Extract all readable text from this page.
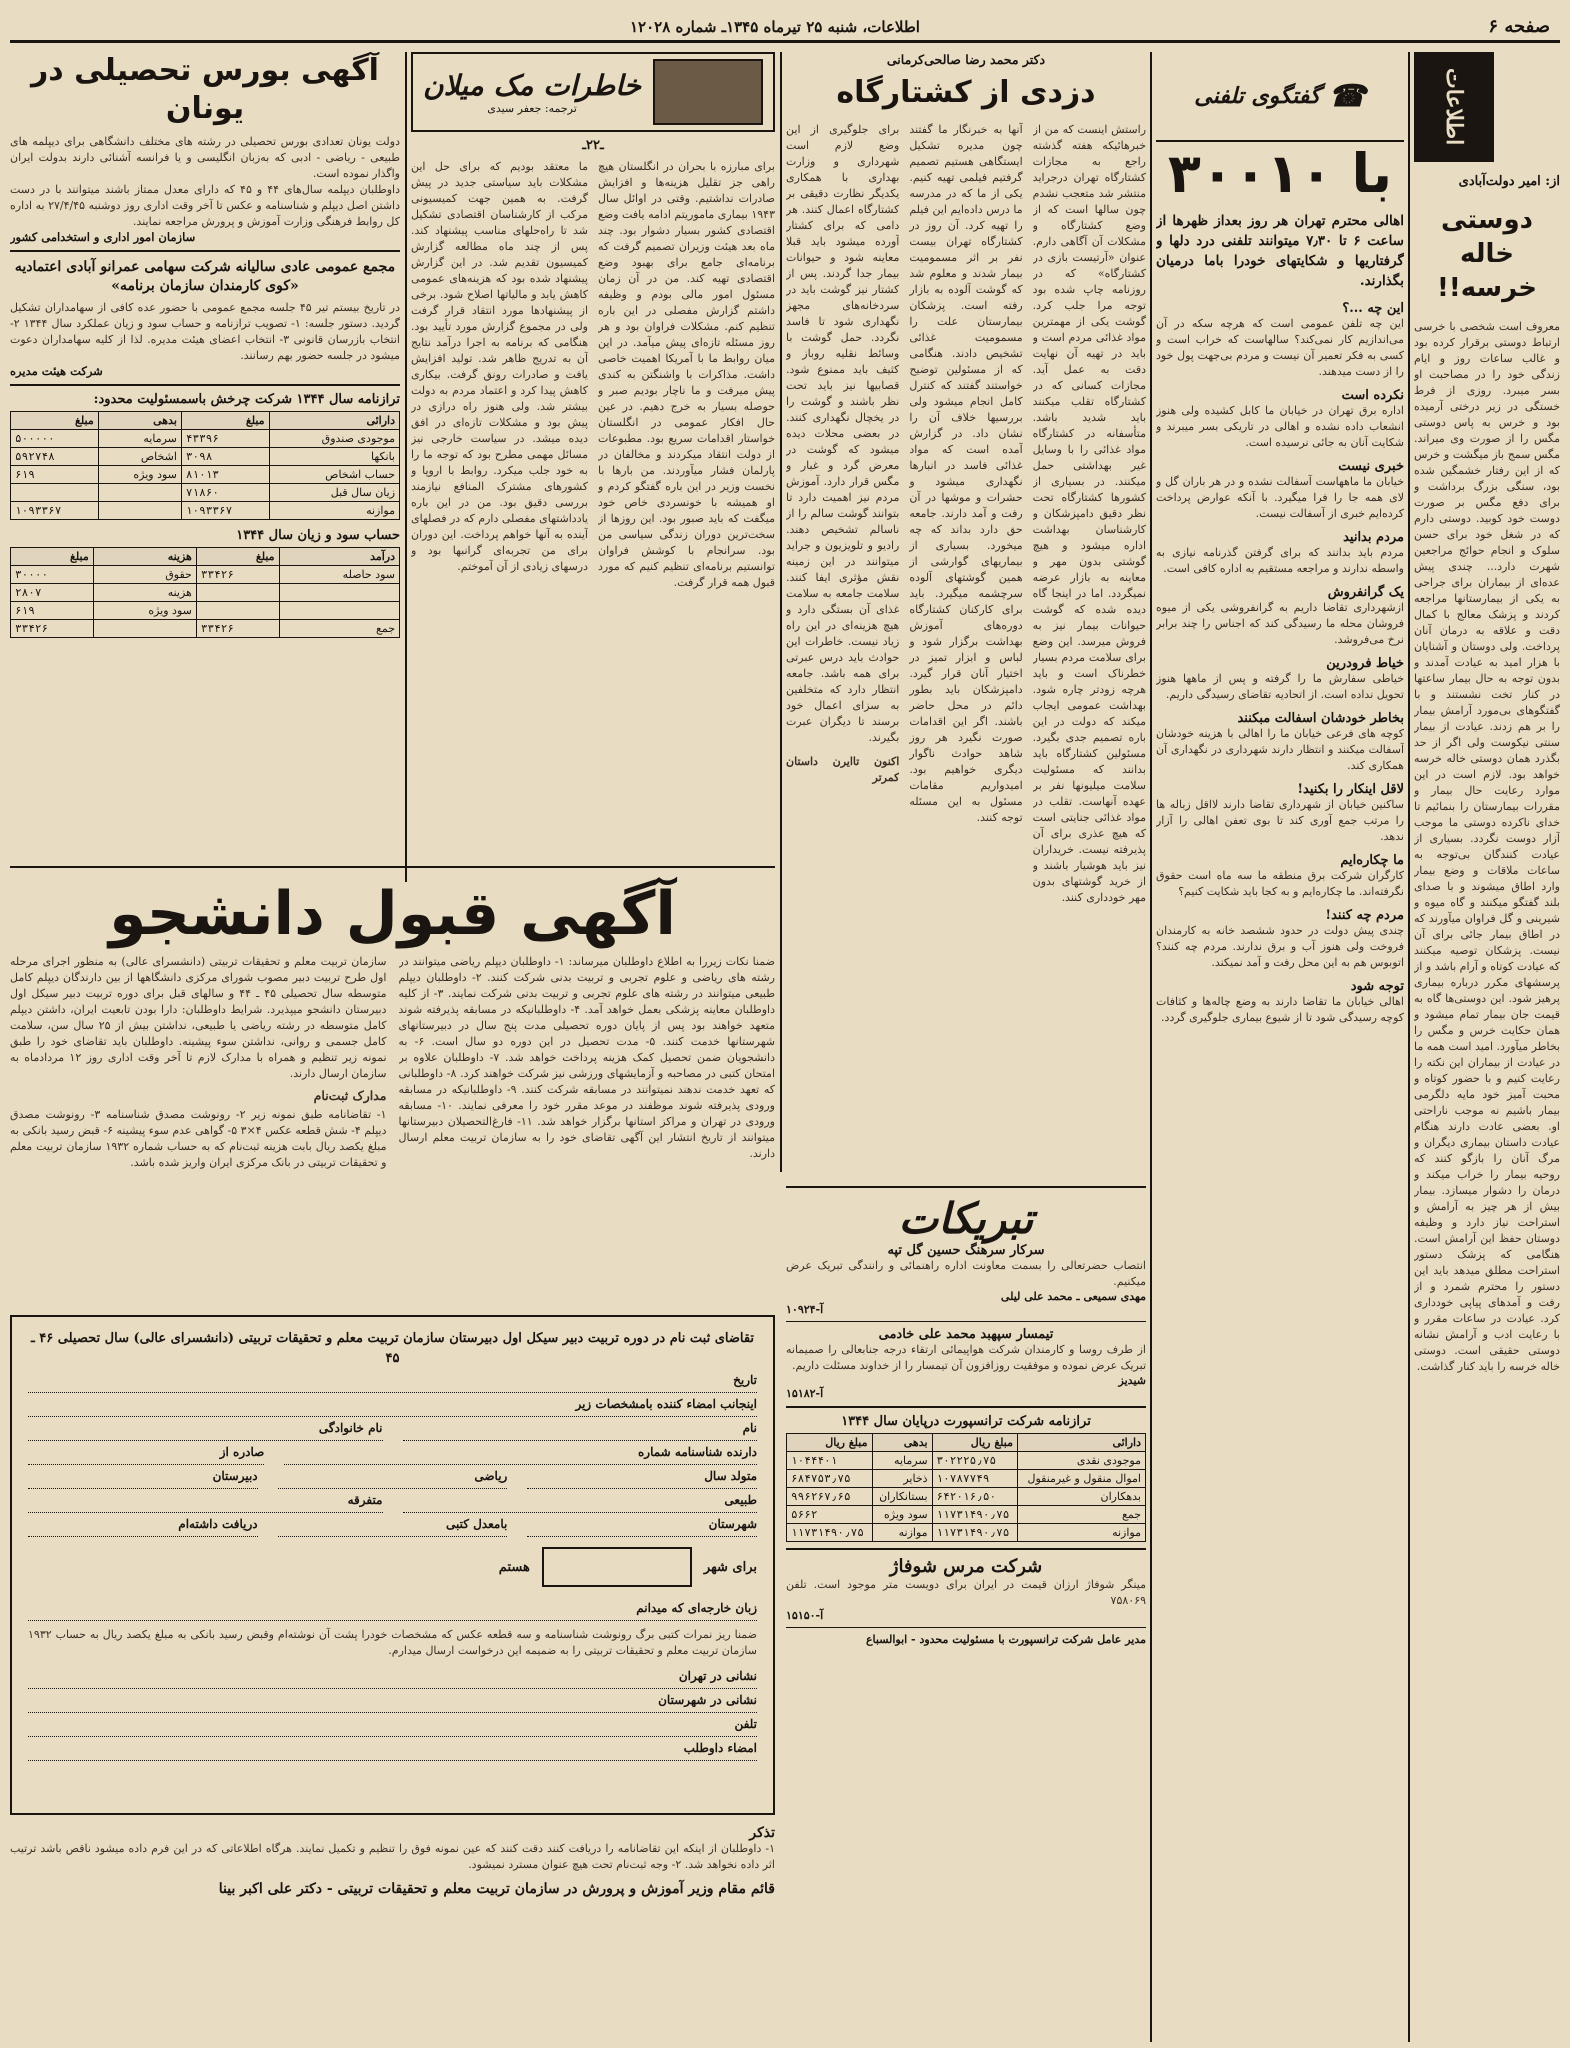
صفحه ۶
اطلاعات، شنبه ۲۵ تیرماه ۱۳۴۵ـ شماره ۱۲۰۲۸
اطلاعات
از: امیر دولت‌آبادی
دوستی خاله خرسه!!
معروف است شخصی با خرسی ارتباط دوستی برقرار کرده بود و غالب ساعات روز و ایام زندگی خود را در مصاحبت او بسر میبرد. روزی از فرط خستگی در زیر درختی آرمیده بود و خرس به پاس دوستی مگس را از صورت وی میراند. مگس سمج باز میگشت و خرس که از این رفتار خشمگین شده بود، سنگی بزرگ برداشت و برای دفع مگس بر صورت دوست خود کوبید. دوستی دارم که در شغل خود برای حسن سلوک و انجام حوائج مراجعین شهرت دارد... چندی پیش عده‌ای از بیماران برای جراحی به یکی از بیمارستانها مراجعه کردند و پزشک معالج با کمال دقت و علاقه به درمان آنان پرداخت. ولی دوستان و آشنایان با هزار امید به عیادت آمدند و بدون توجه به حال بیمار ساعتها در کنار تخت نشستند و با گفتگوهای بی‌مورد آرامش بیمار را بر هم زدند. عیادت از بیمار سنتی نیکوست ولی اگر از حد بگذرد همان دوستی خاله خرسه خواهد بود. لازم است در این موارد رعایت حال بیمار و مقررات بیمارستان را بنمائیم تا خدای ناکرده دوستی ما موجب آزار دوست نگردد. بسیاری از عیادت کنندگان بی‌توجه به ساعات ملاقات و وضع بیمار وارد اطاق میشوند و با صدای بلند گفتگو میکنند و گاه میوه و شیرینی و گل فراوان میآورند که در اطاق بیمار جائی برای آن نیست. پزشکان توصیه میکنند که عیادت کوتاه و آرام باشد و از پرسشهای مکرر درباره بیماری پرهیز شود. این دوستی‌ها گاه به قیمت جان بیمار تمام میشود و همان حکایت خرس و مگس را بخاطر میآورد. امید است همه ما در عیادت از بیماران این نکته را رعایت کنیم و با حضور کوتاه و محبت آمیز خود مایه دلگرمی بیمار باشیم نه موجب ناراحتی او. بعضی عادت دارند هنگام عیادت داستان بیماری دیگران و مرگ آنان را بازگو کنند که روحیه بیمار را خراب میکند و درمان را دشوار میسازد. بیمار بیش از هر چیز به آرامش و استراحت نیاز دارد و وظیفه دوستان حفظ این آرامش است. هنگامی که پزشک دستور استراحت مطلق میدهد باید این دستور را محترم شمرد و از رفت و آمدهای پیاپی خودداری کرد. عیادت در ساعات مقرر و با رعایت ادب و آرامش نشانه دوستی حقیقی است. دوستی خاله خرسه را باید کنار گذاشت.
☎
گفتگوی تلفنی
با ۳۰۰۱۰
اهالی محترم تهران هر روز بعداز ظهرها از ساعت ۶ تا ۷٫۳۰ میتوانند تلفنی درد دلها و گرفتاریها و شکایتهای خودرا باما درمیان بگذارند.
این چه ...؟
این چه تلفن عمومی است که هرچه سکه در آن می‌اندازیم کار نمی‌کند؟ سالهاست که خراب است و کسی به فکر تعمیر آن نیست و مردم بی‌جهت پول خود را از دست میدهند.
نکرده است
اداره برق تهران در خیابان ما کابل کشیده ولی هنوز انشعاب داده نشده و اهالی در تاریکی بسر میبرند و شکایت آنان به جائی نرسیده است.
خبری نیست
خیابان ما ماههاست آسفالت نشده و در هر باران گل و لای همه جا را فرا میگیرد. با آنکه عوارض پرداخت کرده‌ایم خبری از آسفالت نیست.
مردم بدانید
مردم باید بدانند که برای گرفتن گذرنامه نیازی به واسطه ندارند و مراجعه مستقیم به اداره کافی است.
یک گرانفروش
ازشهرداری تقاضا داریم به گرانفروشی یکی از میوه فروشان محله ما رسیدگی کند که اجناس را چند برابر نرخ می‌فروشد.
خیاط فرودرین
خیاطی سفارش ما را گرفته و پس از ماهها هنوز تحویل نداده است. از اتحادیه تقاضای رسیدگی داریم.
بخاطر خودشان اسفالت مبکنند
کوچه های فرعی خیابان ما را اهالی با هزینه خودشان آسفالت میکنند و انتظار دارند شهرداری در نگهداری آن همکاری کند.
لاقل اینکار را بکنید!
ساکنین خیابان از شهرداری تقاضا دارند لااقل زباله ها را مرتب جمع آوری کند تا بوی تعفن اهالی را آزار ندهد.
ما چکاره‌ایم
کارگران شرکت برق منطقه ما سه ماه است حقوق نگرفته‌اند. ما چکاره‌ایم و به کجا باید شکایت کنیم؟
مردم چه کنند!
چندی پیش دولت در حدود ششصد خانه به کارمندان فروخت ولی هنوز آب و برق ندارند. مردم چه کنند؟ اتوبوس هم به این محل رفت و آمد نمیکند.
توجه شود
اهالی خیابان ما تقاضا دارند به وضع چاله‌ها و کثافات کوچه رسیدگی شود تا از شیوع بیماری جلوگیری گردد.
دکتر محمد رضا صالحی‌کرمانی
دزدی از کشتارگاه
راستش اینست که من از خبرهائیکه هفته گذشته راجع به مجازات کشتارگاه تهران درجراید منتشر شد متعجب نشدم چون سالها است که از وضع کشتارگاه و مشکلات آن آگاهی دارم. عنوان «آرتیست بازی در کشتارگاه» که در روزنامه چاپ شده بود توجه مرا جلب کرد. گوشت یکی از مهمترین مواد غذائی مردم است و باید در تهیه آن نهایت دقت به عمل آید. مجازات کسانی که در کشتارگاه تقلب میکنند باید شدید باشد. متأسفانه در کشتارگاه مواد غذائی را با وسایل غیر بهداشتی حمل میکنند. در بسیاری از کشورها کشتارگاه تحت نظر دقیق دامپزشکان و کارشناسان بهداشت اداره میشود و هیچ گوشتی بدون مهر و معاینه به بازار عرضه نمیگردد. اما در اینجا گاه دیده شده که گوشت حیوانات بیمار نیز به فروش میرسد. این وضع برای سلامت مردم بسیار خطرناک است و باید هرچه زودتر چاره شود. بهداشت عمومی ایجاب میکند که دولت در این باره تصمیم جدی بگیرد. مسئولین کشتارگاه باید بدانند که مسئولیت سلامت میلیونها نفر بر عهده آنهاست. تقلب در مواد غذائی جنایتی است که هیچ عذری برای آن پذیرفته نیست. خریداران نیز باید هوشیار باشند و از خرید گوشتهای بدون مهر خودداری کنند.
آنها به خبرنگار ما گفتند چون مدیره تشکیل ایستگاهی هستیم تصمیم گرفتیم فیلمی تهیه کنیم. یکی از ما که در مدرسه ما درس داده‌ایم این فیلم را تهیه کرد. آن روز در کشتارگاه تهران بیست نفر بر اثر مسمومیت بیمار شدند و معلوم شد که گوشت آلوده به بازار رفته است. پزشکان بیمارستان علت را مسمومیت غذائی تشخیص دادند. هنگامی که از مسئولین توضیح خواستند گفتند که کنترل کامل انجام میشود ولی بررسیها خلاف آن را نشان داد. در گزارش آمده است که مواد غذائی فاسد در انبارها نگهداری میشود و حشرات و موشها در آن رفت و آمد دارند. جامعه حق دارد بداند که چه میخورد. بسیاری از بیماریهای گوارشی از همین گوشتهای آلوده سرچشمه میگیرد. باید برای کارکنان کشتارگاه دوره‌های آموزش بهداشت برگزار شود و لباس و ابزار تمیز در اختیار آنان قرار گیرد. دامپزشکان باید بطور دائم در محل حاضر باشند. اگر این اقدامات صورت نگیرد هر روز شاهد حوادث ناگوار دیگری خواهیم بود. امیدواریم مقامات مسئول به این مسئله توجه کنند.
برای جلوگیری از این وضع لازم است شهرداری و وزارت بهداری با همکاری یکدیگر نظارت دقیقی بر کشتارگاه اعمال کنند. هر دامی که برای کشتار آورده میشود باید قبلا معاینه شود و حیوانات بیمار جدا گردند. پس از کشتار نیز گوشت باید در سردخانه‌های مجهز نگهداری شود تا فاسد نگردد. حمل گوشت با وسائط نقلیه روباز و کثیف باید ممنوع شود. قصابیها نیز باید تحت نظر باشند و گوشت را در یخچال نگهداری کنند. در بعضی محلات دیده میشود که گوشت در معرض گرد و غبار و مگس قرار دارد. آموزش مردم نیز اهمیت دارد تا بتوانند گوشت سالم را از ناسالم تشخیص دهند. رادیو و تلویزیون و جراید میتوانند در این زمینه نقش مؤثری ایفا کنند. سلامت جامعه به سلامت غذای آن بستگی دارد و هیچ هزینه‌ای در این راه زیاد نیست. خاطرات این حوادث باید درس عبرتی برای همه باشد. جامعه انتظار دارد که متخلفین به سزای اعمال خود برسند تا دیگران عبرت بگیرند.
اکنون تاایرن داستان کمرتر
تبریکات
سرکار سرهنگ حسین گل تپه
انتصاب حضرتعالی را بسمت معاونت اداره راهنمائی و رانندگی تبریک عرض میکنیم.
مهدی سمیعی ـ محمد علی لیلی
آ-۱۰۹۲۴
تیمسار سپهبد محمد علی خادمی
از طرف روسا و کارمندان شرکت هواپیمائی ارتقاء درجه جنابعالی را صمیمانه تبریک عرض نموده و موفقیت روزافزون آن تیمسار را از خداوند مسئلت داریم.
شیدیز
آ-۱۵۱۸۲
ترازنامه شرکت ترانسپورت درپایان سال ۱۳۴۴
دارائی	مبلغ ریال	بدهی	مبلغ ریال
موجودی نقدی	۳۰۲۲۲۵٫۷۵	سرمایه	۱۰۴۴۴۰۱
اموال منقول و غیرمنقول	۱۰۷۸۷۷۴۹	ذخایر	۶۸۴۷۵۳٫۷۵
بدهکاران	۶۴۲۰۱۶٫۵۰	بستانکاران	۹۹۶۲۶۷٫۶۵
جمع	۱۱۷۳۱۴۹۰٫۷۵	سود ویژه	۵۶۶۲
موازنه	۱۱۷۳۱۴۹۰٫۷۵	موازنه	۱۱۷۳۱۴۹۰٫۷۵
شرکت مرس شوفاژ
مینگر شوفاژ ارزان قیمت در ایران برای دویست متر موجود است. تلفن ۷۵۸۰۶۹
آ-۱۵۱۵۰
مدیر عامل شرکت ترانسپورت با مسئولیت محدود - ابوالسباع
خاطرات مک میلان
ترجمه: جعفر سیدی
ـ۲۲ـ
برای مبارزه با بحران در انگلستان هیچ راهی جز تقلیل هزینه‌ها و افزایش صادرات نداشتیم. وقتی در اوائل سال ۱۹۴۳ بیماری ماموریتم ادامه یافت وضع اقتصادی کشور بسیار دشوار بود. چند ماه بعد هیئت وزیران تصمیم گرفت که برنامه‌ای جامع برای بهبود وضع اقتصادی تهیه کند. من در آن زمان مسئول امور مالی بودم و وظیفه داشتم گزارش مفصلی در این باره تنظیم کنم. مشکلات فراوان بود و هر روز مسئله تازه‌ای پیش میآمد. در این میان روابط ما با آمریکا اهمیت خاصی داشت. مذاکرات با واشنگتن به کندی پیش میرفت و ما ناچار بودیم صبر و حوصله بسیار به خرج دهیم. در عین حال افکار عمومی در انگلستان خواستار اقدامات سریع بود. مطبوعات از دولت انتقاد میکردند و مخالفان در پارلمان فشار میآوردند. من بارها با نخست وزیر در این باره گفتگو کردم و او همیشه با خونسردی خاص خود میگفت که باید صبور بود. این روزها از سخت‌ترین دوران زندگی سیاسی من بود. سرانجام با کوشش فراوان توانستیم برنامه‌ای تنظیم کنیم که مورد قبول همه قرار گرفت.
ما معتقد بودیم که برای حل این مشکلات باید سیاستی جدید در پیش گرفت. به همین جهت کمیسیونی مرکب از کارشناسان اقتصادی تشکیل شد تا راه‌حلهای مناسب پیشنهاد کند. پس از چند ماه مطالعه گزارش کمیسیون تقدیم شد. در این گزارش پیشنهاد شده بود که هزینه‌های عمومی کاهش یابد و مالیاتها اصلاح شود. برخی از پیشنهادها مورد انتقاد قرار گرفت ولی در مجموع گزارش مورد تأیید بود. هنگامی که برنامه به اجرا درآمد نتایج آن به تدریج ظاهر شد. تولید افزایش یافت و صادرات رونق گرفت. بیکاری کاهش پیدا کرد و اعتماد مردم به دولت بیشتر شد. ولی هنوز راه درازی در پیش بود و مشکلات تازه‌ای در افق دیده میشد. در سیاست خارجی نیز مسائل مهمی مطرح بود که توجه ما را به خود جلب میکرد. روابط با اروپا و کشورهای مشترک المنافع نیازمند بررسی دقیق بود. من در این باره یادداشتهای مفصلی دارم که در فصلهای آینده به آنها خواهم پرداخت. این دوران برای من تجربه‌ای گرانبها بود و درسهای زیادی از آن آموختم.
آگهی بورس تحصیلی در یونان
دولت یونان تعدادی بورس تحصیلی در رشته های مختلف دانشگاهی برای دیپلمه های طبیعی - ریاضی - ادبی که به‌زبان انگلیسی و یا فرانسه آشنائی دارند بدولت ایران واگذار نموده است.
داوطلبان دیپلمه سال‌های ۴۴ و ۴۵ که دارای معدل ممتاز باشند میتوانند با در دست داشتن اصل دیپلم و شناسنامه و عکس تا آخر وقت اداری روز دوشنبه ۲۷/۴/۴۵ به اداره کل روابط فرهنگی وزارت آموزش و پرورش مراجعه نمایند.
سازمان امور اداری و استخدامی کشور
مجمع عمومی عادی سالیانه شرکت سهامی عمرانو آبادی اعتمادیه «کوی کارمندان سازمان برنامه»
در تاریخ بیستم تیر ۴۵ جلسه مجمع عمومی با حضور عده کافی از سهامداران تشکیل گردید. دستور جلسه: ۱- تصویب ترازنامه و حساب سود و زیان عملکرد سال ۱۳۴۴ ۲- انتخاب بازرسان قانونی ۳- انتخاب اعضای هیئت مدیره. لذا از کلیه سهامداران دعوت میشود در جلسه حضور بهم رسانند.
شرکت هیئت مدیره
ترازنامه سال ۱۳۴۴ شرکت چرخش باسمسئولیت محدود:
دارائی	مبلغ	بدهی	مبلغ
موجودی صندوق	۴۳۳۹۶	سرمایه	۵۰۰۰۰۰
بانکها	۳۰۹۸	اشخاص	۵۹۲۷۴۸
حساب اشخاص	۸۱۰۱۳	سود ویژه	۶۱۹
زیان سال قبل	۷۱۸۶۰		
موازنه	۱۰۹۳۳۶۷		۱۰۹۳۳۶۷
حساب سود و زیان سال ۱۳۴۴
درآمد	مبلغ	هزینه	مبلغ
سود حاصله	۳۳۴۲۶	حقوق	۳۰۰۰۰
		هزینه	۲۸۰۷
		سود ویژه	۶۱۹
جمع	۳۳۴۲۶		۳۳۴۲۶
آگهی قبول دانشجو
ضمنا نکات زیررا به اطلاع داوطلبان میرساند: ۱- داوطلبان دیپلم ریاضی میتوانند در رشته های ریاضی و علوم تجربی و تربیت بدنی شرکت کنند. ۲- داوطلبان دیپلم طبیعی میتوانند در رشته های علوم تجربی و تربیت بدنی شرکت نمایند. ۳- از کلیه داوطلبان معاینه پزشکی بعمل خواهد آمد. ۴- داوطلبانیکه در مسابقه پذیرفته شوند متعهد خواهند بود پس از پایان دوره تحصیلی مدت پنج سال در دبیرستانهای شهرستانها خدمت کنند. ۵- مدت تحصیل در این دوره دو سال است. ۶- به دانشجویان ضمن تحصیل کمک هزینه پرداخت خواهد شد. ۷- داوطلبان علاوه بر امتحان کتبی در مصاحبه و آزمایشهای ورزشی نیز شرکت خواهند کرد. ۸- داوطلبانی که تعهد خدمت ندهند نمیتوانند در مسابقه شرکت کنند. ۹- داوطلبانیکه در مسابقه ورودی پذیرفته شوند موظفند در موعد مقرر خود را معرفی نمایند. ۱۰- مسابقه ورودی در تهران و مراکز استانها برگزار خواهد شد. ۱۱- فارغ‌التحصیلان دبیرستانها میتوانند از تاریخ انتشار این آگهی تقاضای خود را به سازمان تربیت معلم ارسال دارند.
سازمان تربیت معلم و تحقیقات تربیتی (دانشسرای عالی) به منظور اجرای مرحله اول طرح تربیت دبیر مصوب شورای مرکزی دانشگاهها از بین دارندگان دیپلم کامل متوسطه سال تحصیلی ۴۵ ـ ۴۴ و سالهای قبل برای دوره تربیت دبیر سیکل اول دبیرستان دانشجو میپذیرد. شرایط داوطلبان: دارا بودن تابعیت ایران، داشتن دیپلم کامل متوسطه در رشته ریاضی یا طبیعی، نداشتن بیش از ۲۵ سال سن، سلامت کامل جسمی و روانی، نداشتن سوء پیشینه. داوطلبان باید تقاضای خود را طبق نمونه زیر تنظیم و همراه با مدارک لازم تا آخر وقت اداری روز ۱۲ مردادماه به سازمان ارسال دارند.
مدارک ثبت‌نام
۱- تقاضانامه طبق نمونه زیر ۲- رونوشت مصدق شناسنامه ۳- رونوشت مصدق دیپلم ۴- شش قطعه عکس ۴×۳ ۵- گواهی عدم سوء پیشینه ۶- قبض رسید بانکی به مبلغ یکصد ریال بابت هزینه ثبت‌نام که به حساب شماره ۱۹۳۲ سازمان تربیت معلم و تحقیقات تربیتی در بانک مرکزی ایران واریز شده باشد.
تقاضای ثبت نام در دوره تربیت دبیر سیکل اول دبیرستان سازمان تربیت معلم و تحقیقات تربیتی (دانشسرای عالی) سال تحصیلی ۴۶ ـ ۴۵
تاریخ
اینجانب امضاء کننده بامشخصات زیر
نام
نام خانوادگی
دارنده شناسنامه شماره
صادره از
متولد سال
ریاضی
دبیرستان
طبیعی
متفرقه
شهرستان
بامعدل کتبی
دریافت داشته‌ام
برای شهر
هستم
زبان خارجه‌ای که میدانم
ضمنا ریز نمرات کتبی برگ رونوشت شناسنامه و سه قطعه عکس که مشخصات خودرا پشت آن نوشته‌ام وقبض رسید بانکی به مبلغ یکصد ریال به حساب ۱۹۳۲ سازمان تربیت معلم و تحقیقات تربیتی را به ضمیمه این درخواست ارسال میدارم.
نشانی در تهران
نشانی در شهرستان
تلفن
امضاء داوطلب
تذکر
۱- داوطلبان از اینکه این تقاضانامه را دریافت کنند دقت کنند که عین نمونه فوق را تنظیم و تکمیل نمایند. هرگاه اطلاعاتی که در این فرم داده میشود ناقص باشد ترتیب اثر داده نخواهد شد. ۲- وجه ثبت‌نام تحت هیچ عنوان مسترد نمیشود.
قائم مقام وزیر آموزش و پرورش در سازمان تربیت معلم و تحقیقات تربیتی - دکتر علی اکبر بینا
